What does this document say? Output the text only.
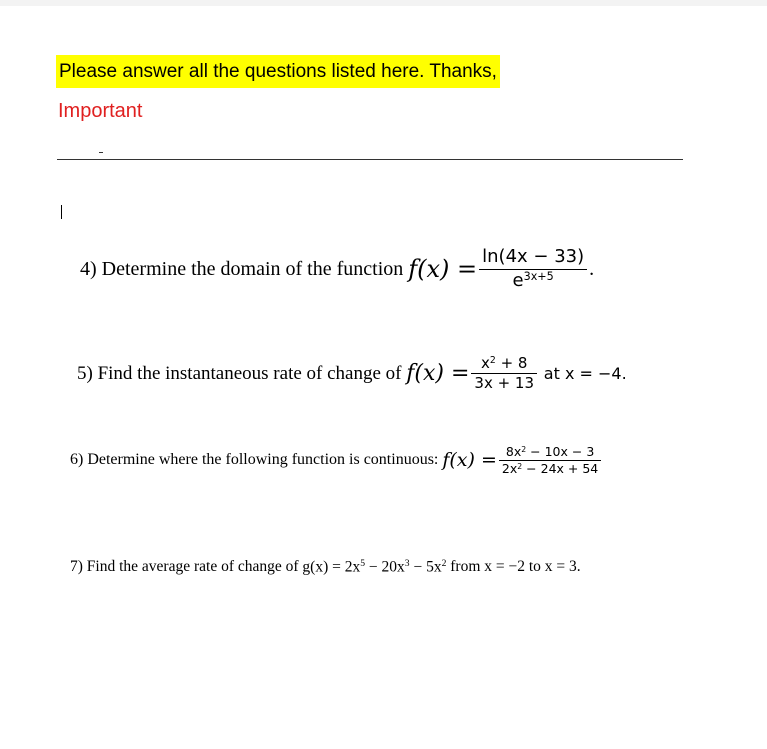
Please answer all the questions listed here. Thanks,
Important
4)
Determine the domain of the function
$f(x) = \frac{\ln(4x - 33)}{e^{3x+5}}$ .
5)
Find the instantaneous rate of change of
$f(x) = \frac{x^2 + 8}{3x + 13}$
at x = −4.
6)
Determine where the following function is continuous:
$f(x) = \frac{8x^2 - 10x - 3}{2x^2 - 24x + 54}$
7)
Find the average rate of change of
$g(x) = 2x^5 - 20x^3 - 5x^2$
from x = −2 to x = 3.
